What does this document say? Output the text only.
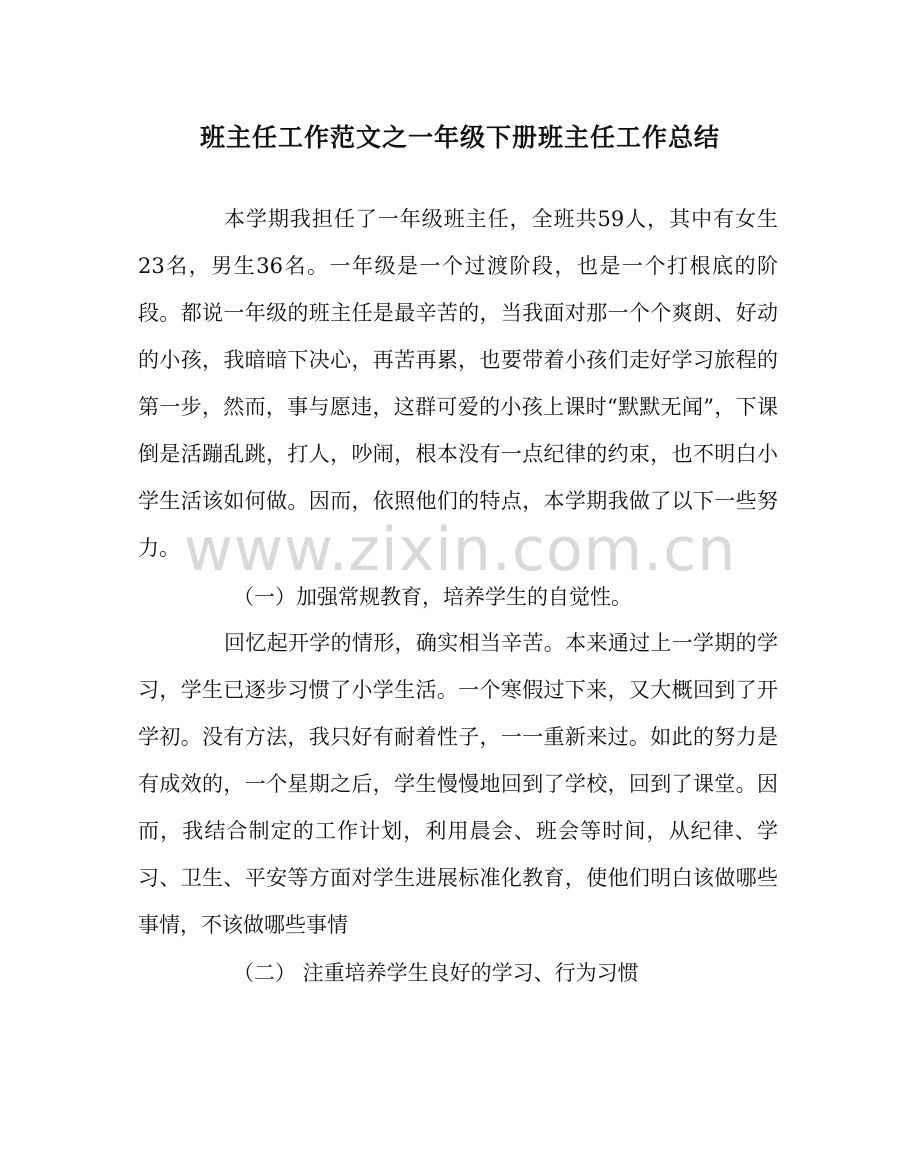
班主任工作范文之一年级下册班主任工作总结
本学期我担任了一年级班主任，全班共59人，其中有女生23名，男生36名。一年级是一个过渡阶段，也是一个打根底的阶段。都说一年级的班主任是最辛苦的，当我面对那一个个爽朗、好动的小孩，我暗暗下决心，再苦再累，也要带着小孩们走好学习旅程的第一步，然而，事与愿违，这群可爱的小孩上课时“默默无闻”，下课倒是活蹦乱跳，打人，吵闹，根本没有一点纪律的约束，也不明白小学生活该如何做。因而，依照他们的特点，本学期我做了以下一些努力。
（一）加强常规教育，培养学生的自觉性。
回忆起开学的情形，确实相当辛苦。本来通过上一学期的学习，学生已逐步习惯了小学生活。一个寒假过下来，又大概回到了开学初。没有方法，我只好有耐着性子，一一重新来过。如此的努力是有成效的，一个星期之后，学生慢慢地回到了学校，回到了课堂。因而，我结合制定的工作计划，利用晨会、班会等时间，从纪律、学习、卫生、平安等方面对学生进展标准化教育，使他们明白该做哪些事情，不该做哪些事情
（二） 注重培养学生良好的学习、行为习惯
www.zixin.com.cn
